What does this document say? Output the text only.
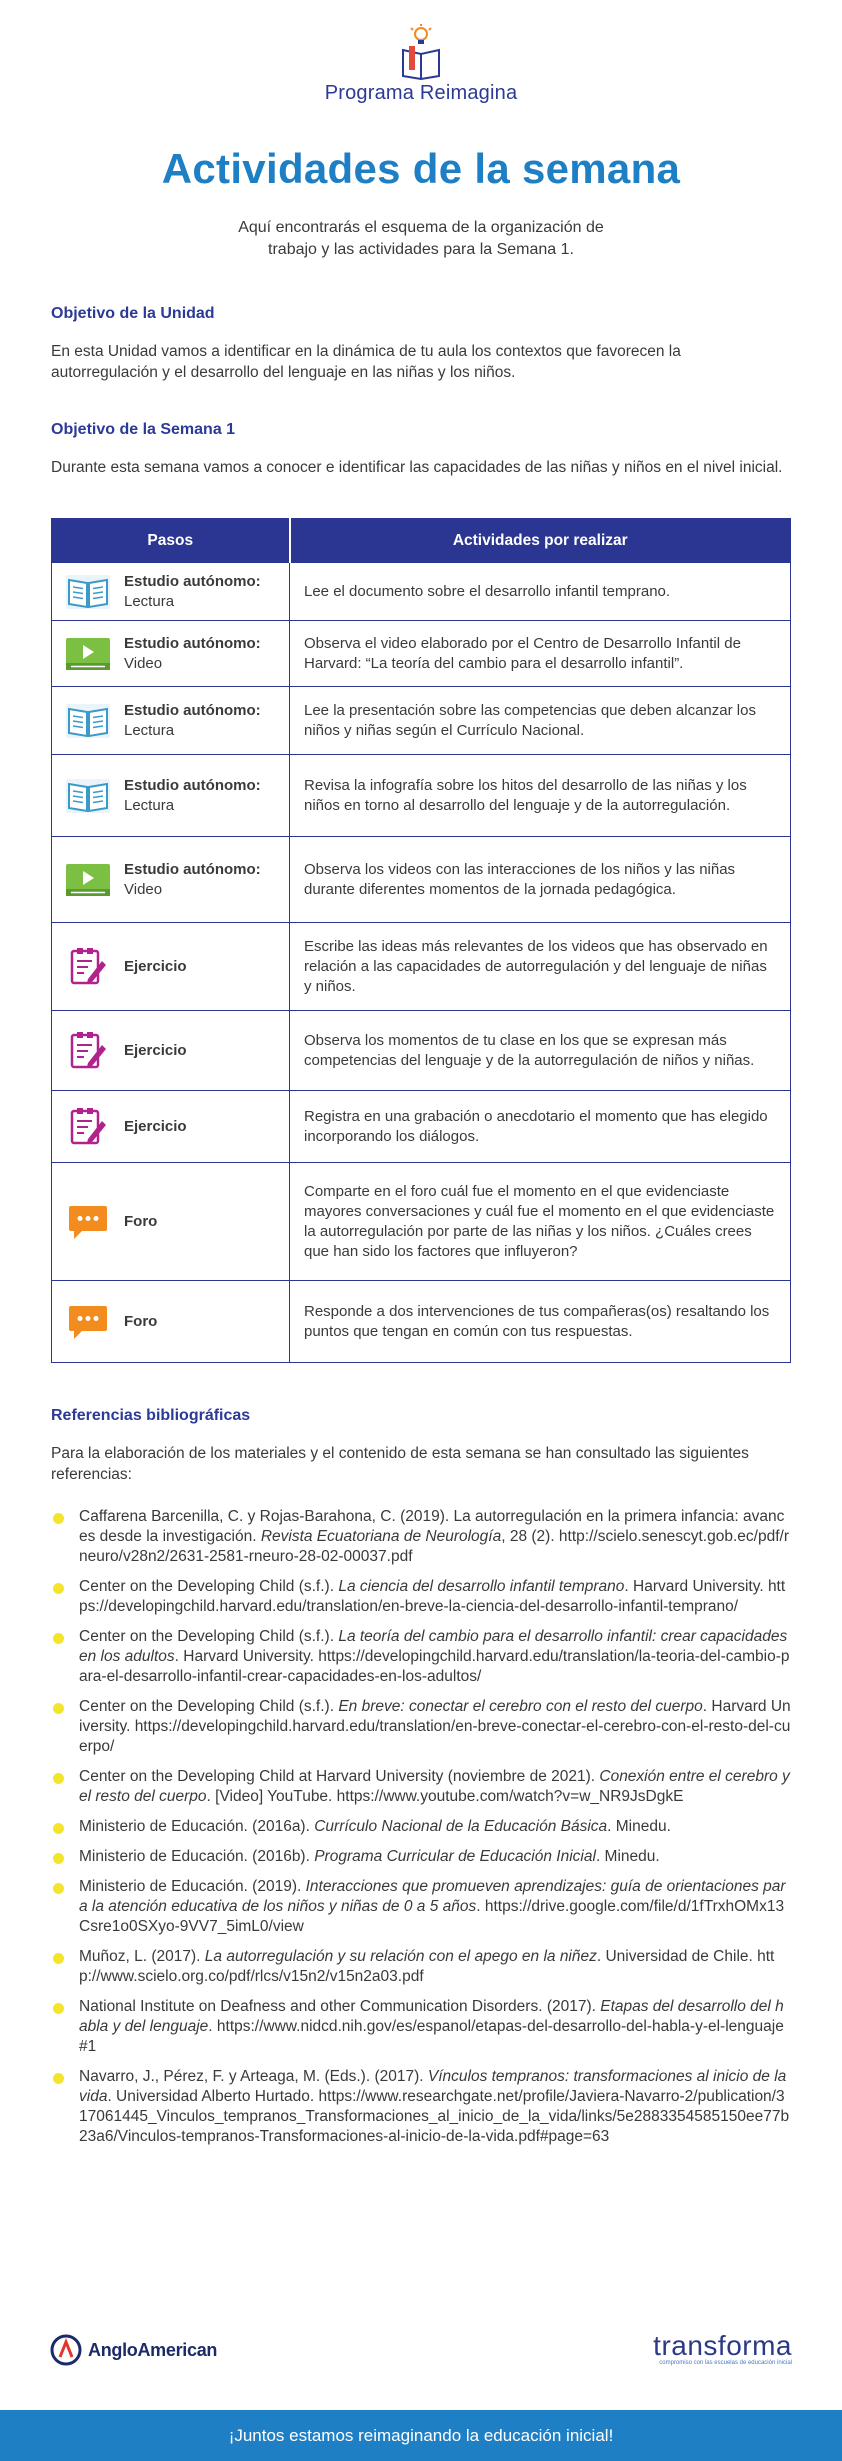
Programa Reimagina
Actividades de la semana
Aquí encontrarás el esquema de la organización de
trabajo y las actividades para la Semana 1.
Objetivo de la Unidad

En esta Unidad vamos a identificar en la dinámica de tu aula los contextos que favorecen la autorregulación y el desarrollo del lenguaje en las niñas y los niños.

Objetivo de la Semana 1

Durante esta semana vamos a conocer e identificar las capacidades de las niñas y niños en el nivel inicial.

Pasos	Actividades por realizar

Estudio autónomo:
Lectura	Lee el documento sobre el desarrollo infantil temprano.

Estudio autónomo:
Video	Observa el video elaborado por el Centro de Desarrollo Infantil de Harvard: “La teoría del cambio para el desarrollo infantil”.

Estudio autónomo:
Lectura	Lee la presentación sobre las competencias que deben alcanzar los niños y niñas según el Currículo Nacional.

Estudio autónomo:
Lectura	Revisa la infografía sobre los hitos del desarrollo de las niñas y los niños en torno al desarrollo del lenguaje y de la autorregulación.

Estudio autónomo:
Video	Observa los videos con las interacciones de los niños y las niñas durante diferentes momentos de la jornada pedagógica.

Ejercicio	Escribe las ideas más relevantes de los videos que has observado en relación a las capacidades de autorregulación y del lenguaje de niñas y niños.

Ejercicio	Observa los momentos de tu clase en los que se expresan más competencias del lenguaje y de la autorregulación de niños y niñas.

Ejercicio	Registra en una grabación o anecdotario el momento que has elegido incorporando los diálogos.

Foro	Comparte en el foro cuál fue el momento en el que evidenciaste mayores conversaciones y cuál fue el momento en el que evidenciaste la autorregulación por parte de las niñas y los niños. ¿Cuáles crees que han sido los factores que influyeron?

Foro	Responde a dos intervenciones de tus compañeras(os) resaltando los puntos que tengan en común con tus respuestas.
Referencias bibliográficas

Para la elaboración de los materiales y el contenido de esta semana se han consultado las siguientes referencias:

Caffarena Barcenilla, C. y Rojas-Barahona, C. (2019). La autorregulación en la primera infancia: avances desde la investigación. Revista Ecuatoriana de Neurología, 28 (2). http://scielo.senescyt.gob.ec/pdf/rneuro/v28n2/2631-2581-rneuro-28-02-00037.pdf
Center on the Developing Child (s.f.). La ciencia del desarrollo infantil temprano. Harvard University. https://developingchild.harvard.edu/translation/en-breve-la-ciencia-del-desarrollo-infantil-temprano/
Center on the Developing Child (s.f.). La teoría del cambio para el desarrollo infantil: crear capacidades en los adultos. Harvard University. https://developingchild.harvard.edu/translation/la-teoria-del-cambio-para-el-desarrollo-infantil-crear-capacidades-en-los-adultos/
Center on the Developing Child (s.f.). En breve: conectar el cerebro con el resto del cuerpo. Harvard University. https://developingchild.harvard.edu/translation/en-breve-conectar-el-cerebro-con-el-resto-del-cuerpo/
Center on the Developing Child at Harvard University (noviembre de 2021). Conexión entre el cerebro y el resto del cuerpo. [Video] YouTube. https://www.youtube.com/watch?v=w_NR9JsDgkE
Ministerio de Educación. (2016a). Currículo Nacional de la Educación Básica. Minedu.
Ministerio de Educación. (2016b). Programa Curricular de Educación Inicial. Minedu.
Ministerio de Educación. (2019). Interacciones que promueven aprendizajes: guía de orientaciones para la atención educativa de los niños y niñas de 0 a 5 años. https://drive.google.com/file/d/1fTrxhOMx13Csre1o0SXyo-9VV7_5imL0/view
Muñoz, L. (2017). La autorregulación y su relación con el apego en la niñez. Universidad de Chile. http://www.scielo.org.co/pdf/rlcs/v15n2/v15n2a03.pdf
National Institute on Deafness and other Communication Disorders. (2017). Etapas del desarrollo del habla y del lenguaje. https://www.nidcd.nih.gov/es/espanol/etapas-del-desarrollo-del-habla-y-el-lenguaje#1
Navarro, J., Pérez, F. y Arteaga, M. (Eds.). (2017). Vínculos tempranos: transformaciones al inicio de la vida. Universidad Alberto Hurtado. https://www.researchgate.net/profile/Javiera-Navarro-2/publication/317061445_Vinculos_tempranos_Transformaciones_al_inicio_de_la_vida/links/5e2883354585150ee77b23a6/Vinculos-tempranos-Transformaciones-al-inicio-de-la-vida.pdf#page=63
AngloAmerican	transforma
compromiso con las escuelas de educación inicial
¡Juntos estamos reimaginando la educación inicial!
